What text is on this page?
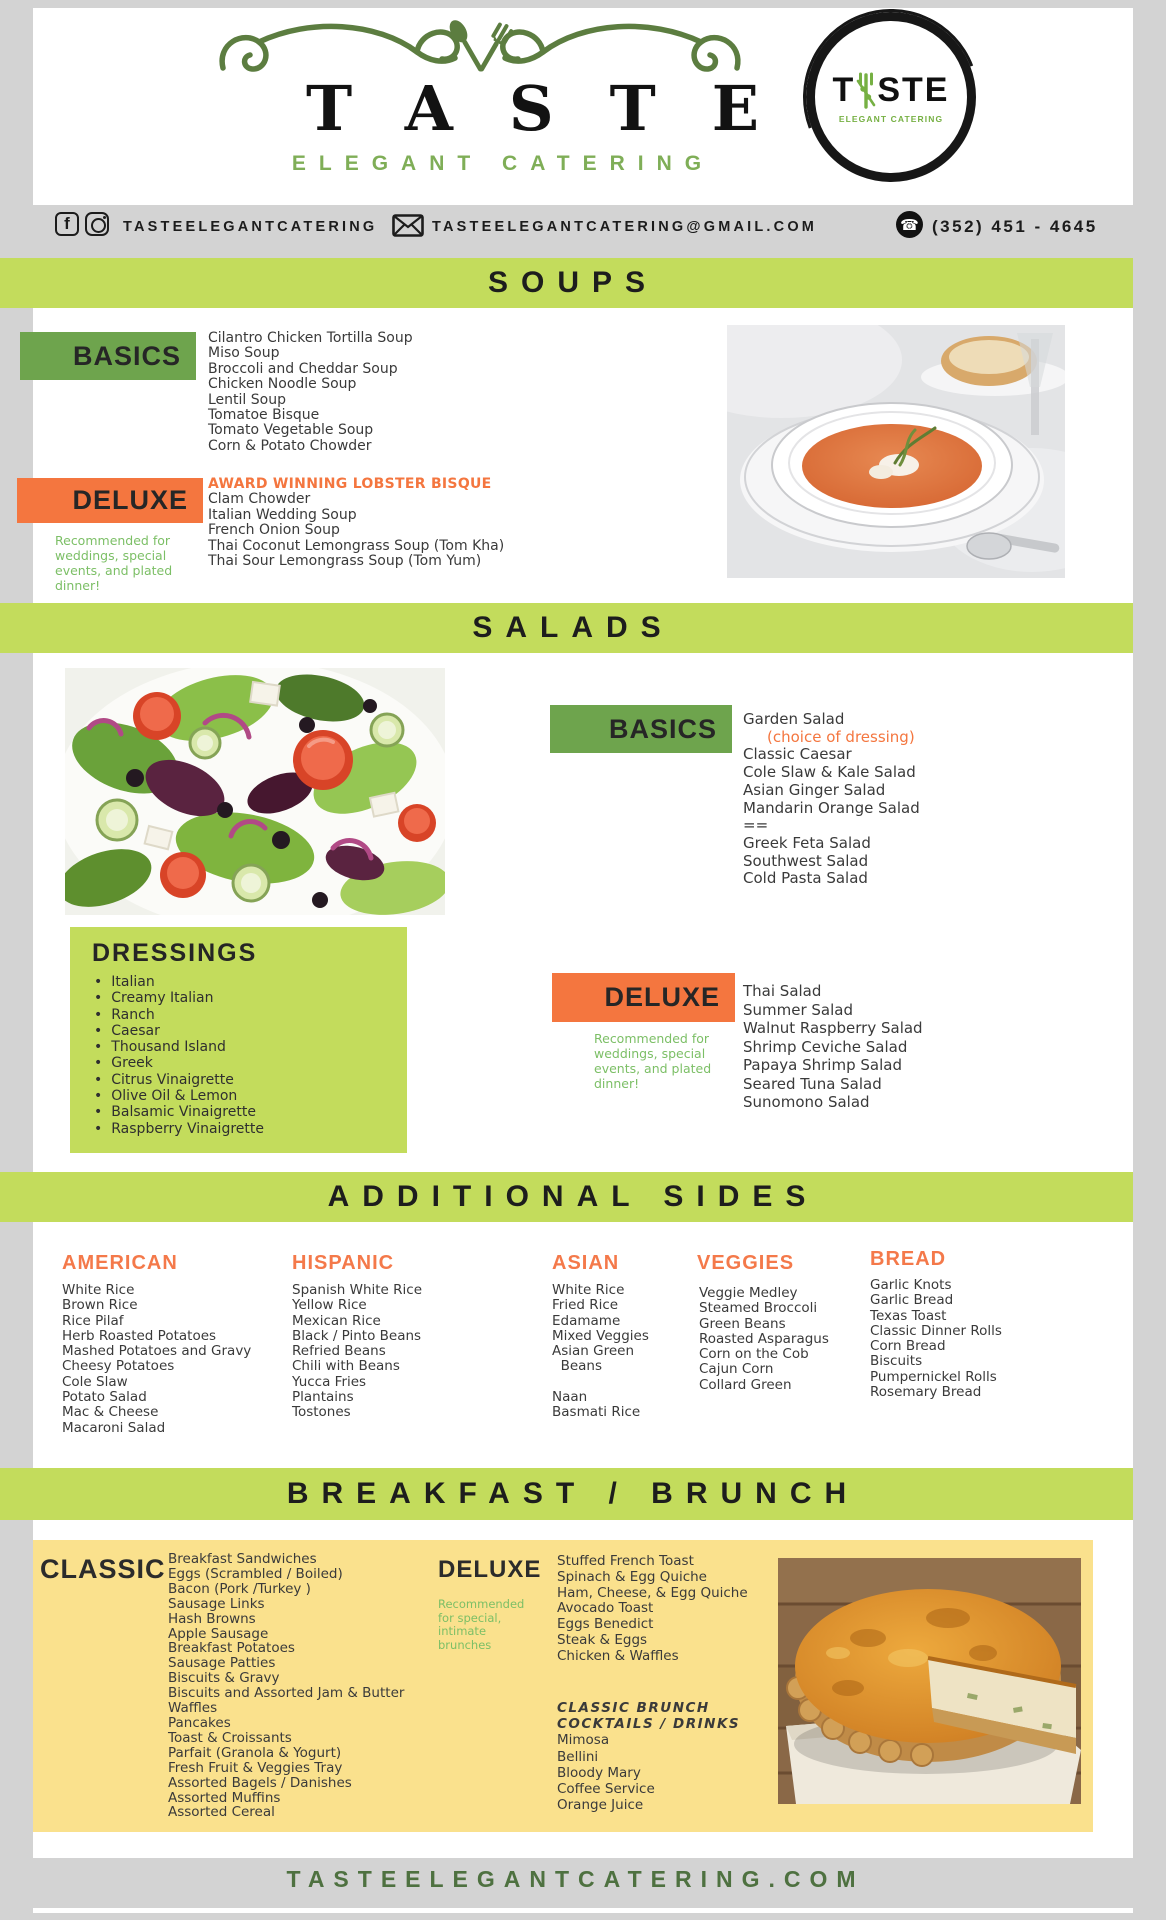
TASTE
ELEGANT CATERING
T STE
ELEGANT CATERING
f	TASTEELEGANTCATERING	TASTEELEGANTCATERING@GMAIL.COM	☎ (352) 451 - 4645
SOUPS
BASICS
Cilantro Chicken Tortilla Soup
Miso Soup
Broccoli and Cheddar Soup
Chicken Noodle Soup
Lentil Soup
Tomatoe Bisque
Tomato Vegetable Soup
Corn & Potato Chowder
DELUXE
AWARD WINNING LOBSTER BISQUE
Clam Chowder
Italian Wedding Soup
French Onion Soup
Thai Coconut Lemongrass Soup (Tom Kha)
Thai Sour Lemongrass Soup (Tom Yum)
Recommended for
weddings, special
events, and plated
dinner!
SALADS
DRESSINGS
• Italian
• Creamy Italian
• Ranch
• Caesar
• Thousand Island
• Greek
• Citrus Vinaigrette
• Olive Oil & Lemon
• Balsamic Vinaigrette
• Raspberry Vinaigrette
BASICS	Garden Salad
(choice of dressing)
Classic Caesar
Cole Slaw & Kale Salad
Asian Ginger Salad
Mandarin Orange Salad
==
Greek Feta Salad
Southwest Salad
Cold Pasta Salad
DELUXE
Recommended for
weddings, special
events, and plated
dinner!
Thai Salad
Summer Salad
Walnut Raspberry Salad
Shrimp Ceviche Salad
Papaya Shrimp Salad
Seared Tuna Salad
Sunomono Salad
ADDITIONAL SIDES
AMERICAN
White Rice
Brown Rice
Rice Pilaf
Herb Roasted Potatoes
Mashed Potatoes and Gravy
Cheesy Potatoes
Cole Slaw
Potato Salad
Mac & Cheese
Macaroni Salad
HISPANIC
Spanish White Rice
Yellow Rice
Mexican Rice
Black / Pinto Beans
Refried Beans
Chili with Beans
Yucca Fries
Plantains
Tostones
ASIAN
White Rice
Fried Rice
Edamame
Mixed Veggies
Asian Green
Beans

Naan
Basmati Rice
VEGGIES
Veggie Medley
Steamed Broccoli
Green Beans
Roasted Asparagus
Corn on the Cob
Cajun Corn
Collard Green
BREAD
Garlic Knots
Garlic Bread
Texas Toast
Classic Dinner Rolls
Corn Bread
Biscuits
Pumpernickel Rolls
Rosemary Bread
BREAKFAST / BRUNCH
CLASSIC Breakfast Sandwiches
Eggs (Scrambled / Boiled)
Bacon (Pork /Turkey )
Sausage Links
Hash Browns
Apple Sausage
Breakfast Potatoes
Sausage Patties
Biscuits & Gravy
Biscuits and Assorted Jam & Butter
Waffles
Pancakes
Toast & Croissants
Parfait (Granola & Yogurt)
Fresh Fruit & Veggies Tray
Assorted Bagels / Danishes
Assorted Muffins
Assorted Cereal
DELUXE
Recommended
for special,
intimate
brunches
Stuffed French Toast
Spinach & Egg Quiche
Ham, Cheese, & Egg Quiche
Avocado Toast
Eggs Benedict
Steak & Eggs
Chicken & Waffles
CLASSIC BRUNCH
COCKTAILS / DRINKS
Mimosa
Bellini
Bloody Mary
Coffee Service
Orange Juice
TASTEELEGANTCATERING.COM
